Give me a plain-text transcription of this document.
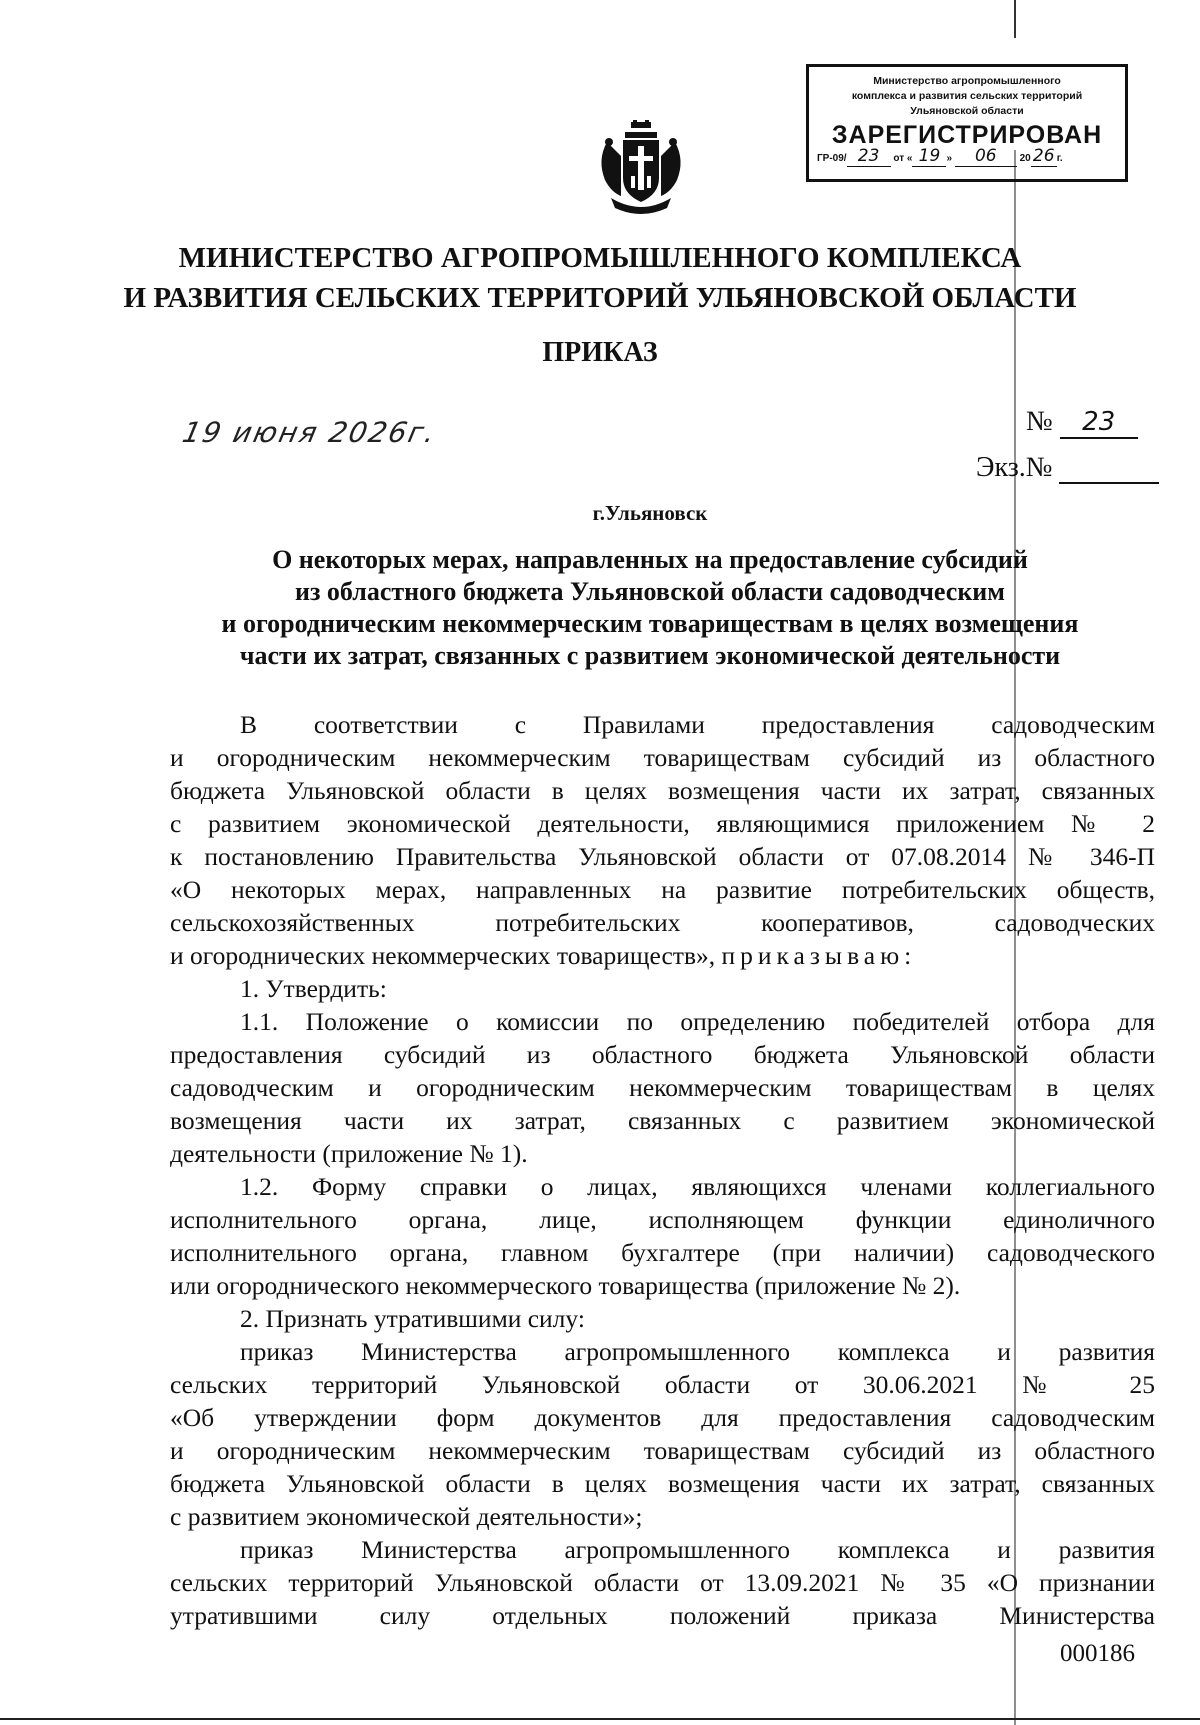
Министерство агропромышленного
комплекса и развития сельских территорий
Ульяновской области
ЗАРЕГИСТРИРОВАН
ГР-09/ 23 от « 19 » 06 20 26 г.
МИНИСТЕРСТВО АГРОПРОМЫШЛЕННОГО КОМПЛЕКСА
И РАЗВИТИЯ СЕЛЬСКИХ ТЕРРИТОРИЙ УЛЬЯНОВСКОЙ ОБЛАСТИ
ПРИКАЗ
19 июня 2026г.	№ 23
Экз.№
г.Ульяновск
О некоторых мерах, направленных на предоставление субсидий
из областного бюджета Ульяновской области садоводческим
и огородническим некоммерческим товариществам в целях возмещения
части их затрат, связанных с развитием экономической деятельности

В соответствии с Правилами предоставления садоводческим

и огородническим некоммерческим товариществам субсидий из областного

бюджета Ульяновской области в целях возмещения части их затрат, связанных

с развитием экономической деятельности, являющимися приложением № 2

к постановлению Правительства Ульяновской области от 07.08.2014 № 346-П

«О некоторых мерах, направленных на развитие потребительских обществ,

сельскохозяйственных потребительских кооперативов, садоводческих

и огороднических некоммерческих товариществ», приказываю:

1. Утвердить:

1.1. Положение о комиссии по определению победителей отбора для

предоставления субсидий из областного бюджета Ульяновской области

садоводческим и огородническим некоммерческим товариществам в целях

возмещения части их затрат, связанных с развитием экономической

деятельности (приложение № 1).

1.2. Форму справки о лицах, являющихся членами коллегиального

исполнительного органа, лице, исполняющем функции единоличного

исполнительного органа, главном бухгалтере (при наличии) садоводческого

или огороднического некоммерческого товарищества (приложение № 2).

2. Признать утратившими силу:

приказ Министерства агропромышленного комплекса и развития

сельских территорий Ульяновской области от 30.06.2021 № 25

«Об утверждении форм документов для предоставления садоводческим

и огородническим некоммерческим товариществам субсидий из областного

бюджета Ульяновской области в целях возмещения части их затрат, связанных

с развитием экономической деятельности»;

приказ Министерства агропромышленного комплекса и развития

сельских территорий Ульяновской области от 13.09.2021 № 35 «О признании

утратившими силу отдельных положений приказа Министерства

000186
